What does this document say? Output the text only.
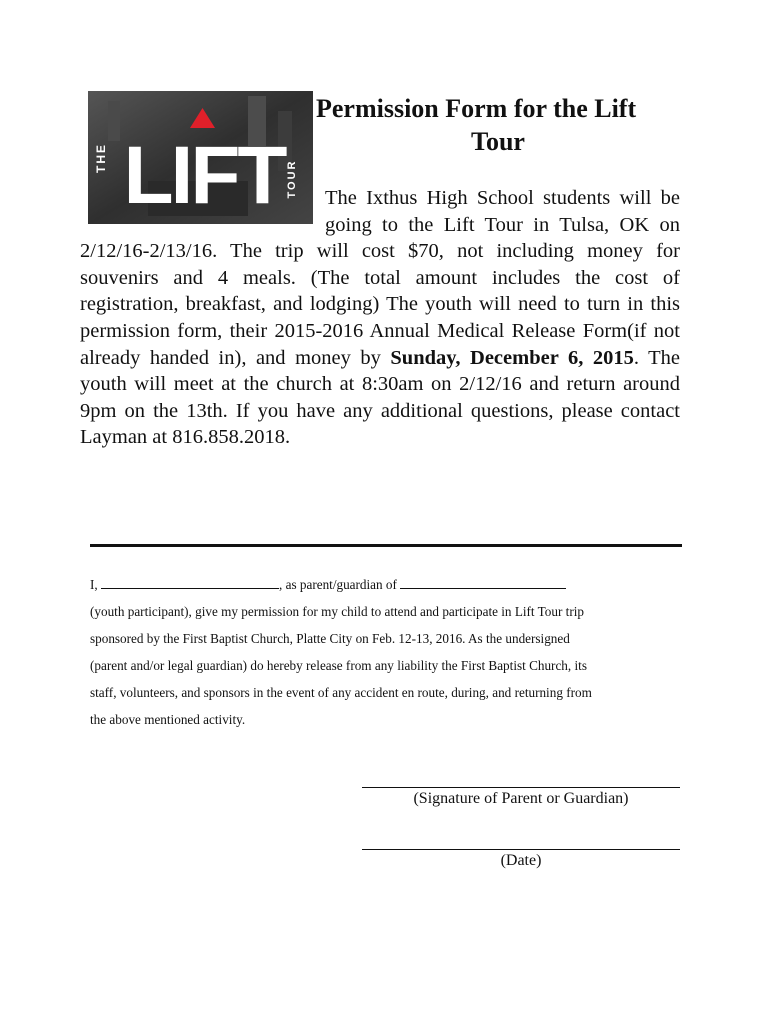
THE LIFT TOUR
Permission Form for the Lift
Tour
The Ixthus High School students will be going to the Lift Tour in Tulsa, OK on 2/12/16-2/13/16. The trip will cost $70, not including money for souvenirs and 4 meals. (The total amount includes the cost of registration, breakfast, and lodging) The youth will need to turn in this permission form, their 2015-2016 Annual Medical Release Form(if not already handed in), and money by Sunday, December 6, 2015. The youth will meet at the church at 8:30am on 2/12/16 and return around 9pm on the 13th. If you have any additional questions, please contact Layman at 816.858.2018.

I,	, as parent/guardian of

(youth participant), give my permission for my child to attend and participate in Lift Tour trip

sponsored by the First Baptist Church, Platte City on Feb. 12-13, 2016. As the undersigned

(parent and/or legal guardian) do hereby release from any liability the First Baptist Church, its

staff, volunteers, and sponsors in the event of any accident en route, during, and returning from

the above mentioned activity.

(Signature of Parent or Guardian)
(Date)
